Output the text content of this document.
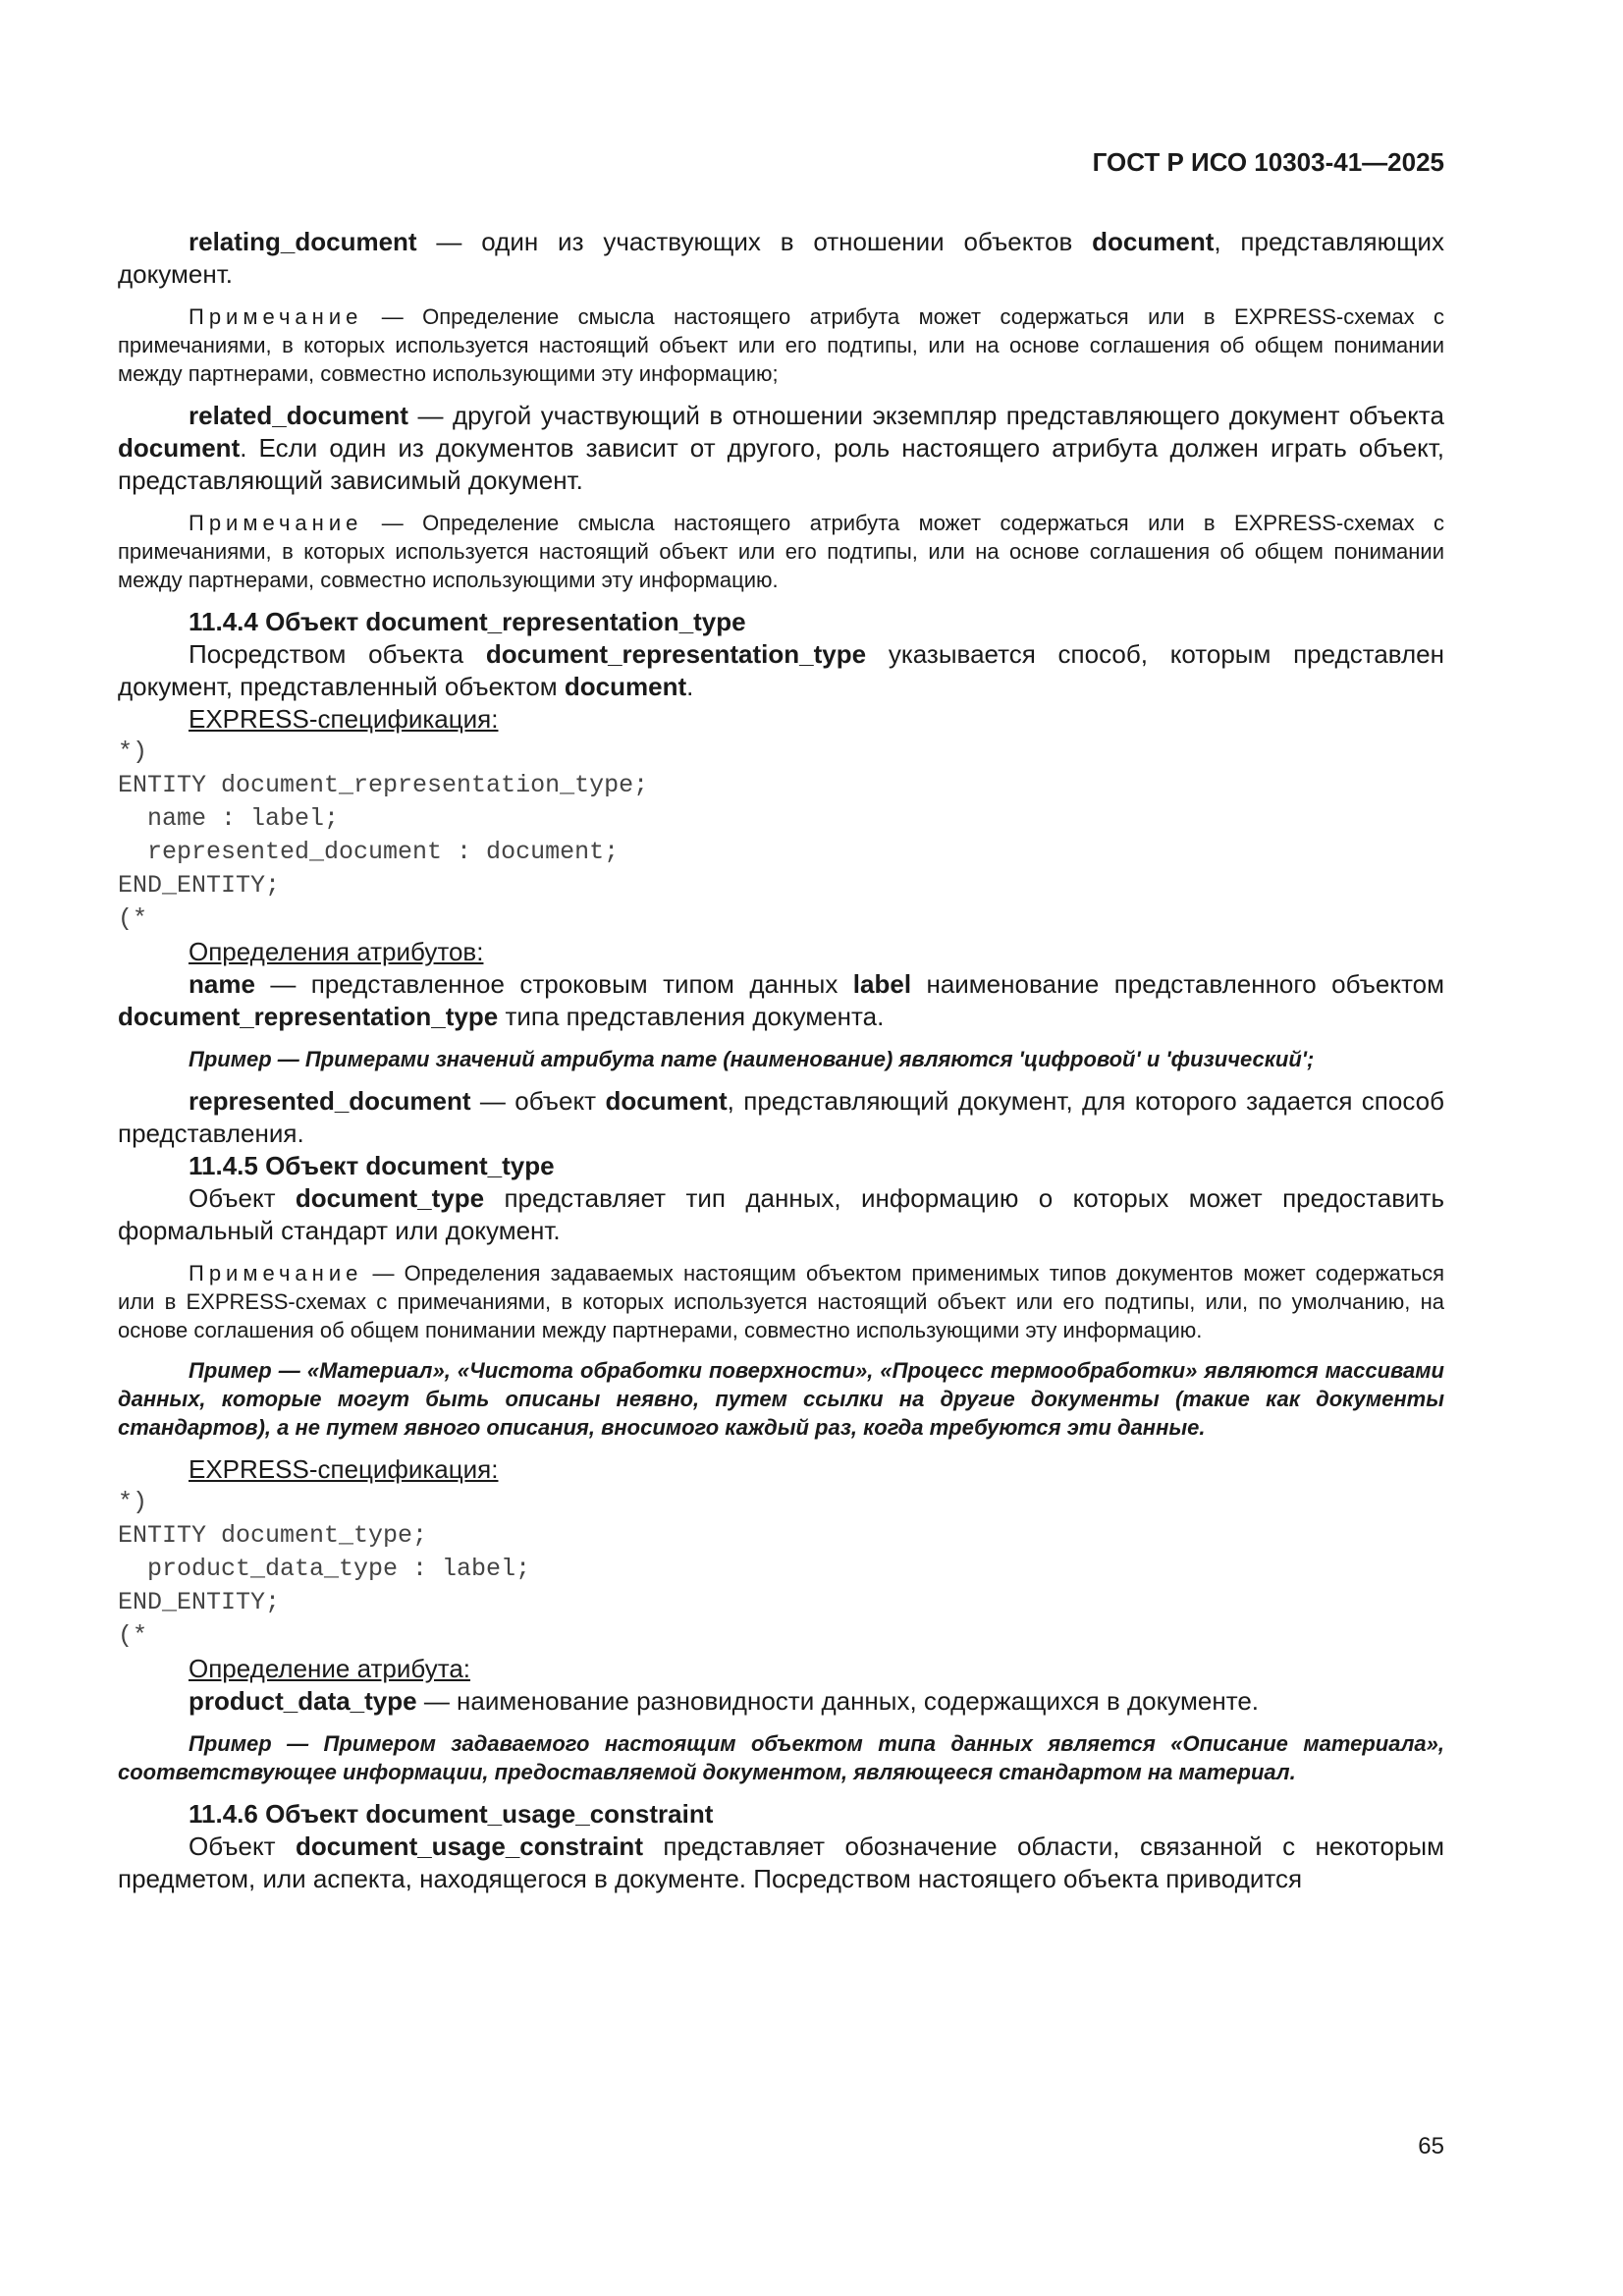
ГОСТ Р ИСО 10303-41—2025

relating_document — один из участвующих в отношении объектов document, представляющих документ.

Примечание — Определение смысла настоящего атрибута может содержаться или в EXPRESS-схемах с примечаниями, в которых используется настоящий объект или его подтипы, или на основе соглашения об общем понимании между партнерами, совместно использующими эту информацию;

related_document — другой участвующий в отношении экземпляр представляющего документ объекта document. Если один из документов зависит от другого, роль настоящего атрибута должен играть объект, представляющий зависимый документ.

Примечание — Определение смысла настоящего атрибута может содержаться или в EXPRESS-схемах с примечаниями, в которых используется настоящий объект или его подтипы, или на основе соглашения об общем понимании между партнерами, совместно использующими эту информацию.

11.4.4 Объект document_representation_type

Посредством объекта document_representation_type указывается способ, которым представлен документ, представленный объектом document.

EXPRESS-спецификация:

*)
ENTITY document_representation_type;
name : label;
represented_document : document;
END_ENTITY;
(*

Определения атрибутов:

name — представленное строковым типом данных label наименование представленного объектом document_representation_type типа представления документа.

Пример — Примерами значений атрибута name (наименование) являются 'цифровой' и 'физический';

represented_document — объект document, представляющий документ, для которого задается способ представления.

11.4.5 Объект document_type

Объект document_type представляет тип данных, информацию о которых может предоставить формальный стандарт или документ.

Примечание — Определения задаваемых настоящим объектом применимых типов документов может содержаться или в EXPRESS-схемах с примечаниями, в которых используется настоящий объект или его подтипы, или, по умолчанию, на основе соглашения об общем понимании между партнерами, совместно использующими эту информацию.

Пример — «Материал», «Чистота обработки поверхности», «Процесс термообработки» являются массивами данных, которые могут быть описаны неявно, путем ссылки на другие документы (такие как документы стандартов), а не путем явного описания, вносимого каждый раз, когда требуются эти данные.

EXPRESS-спецификация:

*)
ENTITY document_type;
product_data_type : label;
END_ENTITY;
(*

Определение атрибута:

product_data_type — наименование разновидности данных, содержащихся в документе.

Пример — Примером задаваемого настоящим объектом типа данных является «Описание материала», соответствующее информации, предоставляемой документом, являющееся стандартом на материал.

11.4.6 Объект document_usage_constraint

Объект document_usage_constraint представляет обозначение области, связанной с некоторым предметом, или аспекта, находящегося в документе. Посредством настоящего объекта приводится

65
